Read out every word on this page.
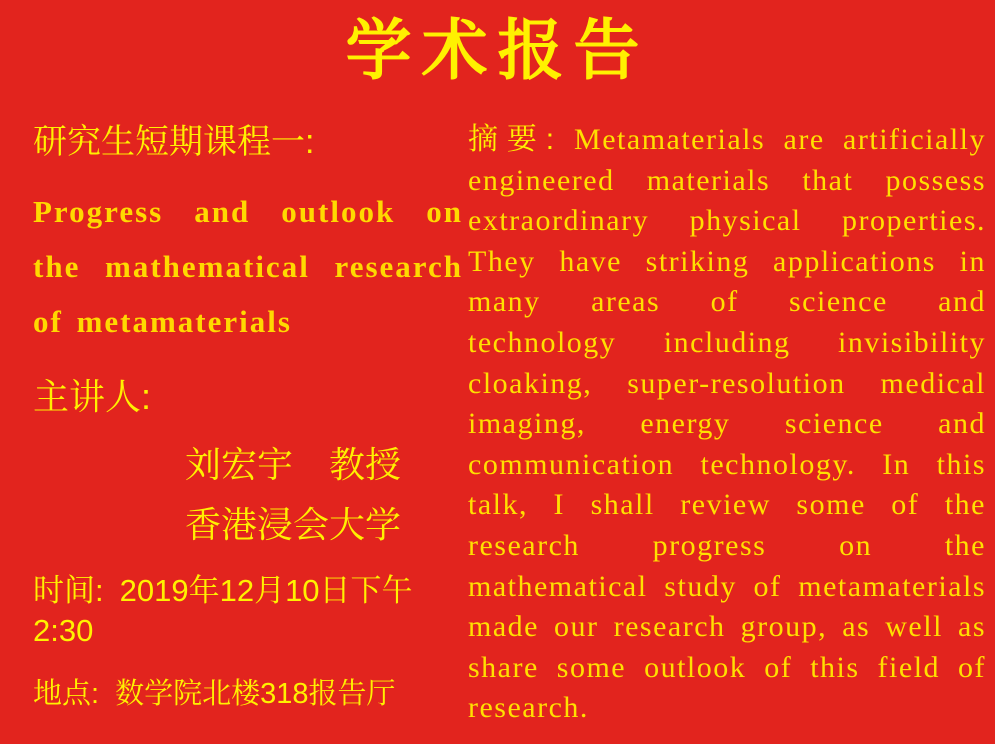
学术报告
研究生短期课程一:
Progress and outlook on the mathematical research of metamaterials
主讲人:
刘宏宇　教授
香港浸会大学
时间: 2019年12月10日下午2:30
地点: 数学院北楼318报告厅

摘要: Metamaterials are artificially engineered materials that possess extraordinary physical properties. They have striking applications in many areas of science and technology including invisibility cloaking, super-resolution medical imaging, energy science and communication technology. In this talk, I shall review some of the research progress on the mathematical study of metamaterials made our research group, as well as share some outlook of this field of research.
